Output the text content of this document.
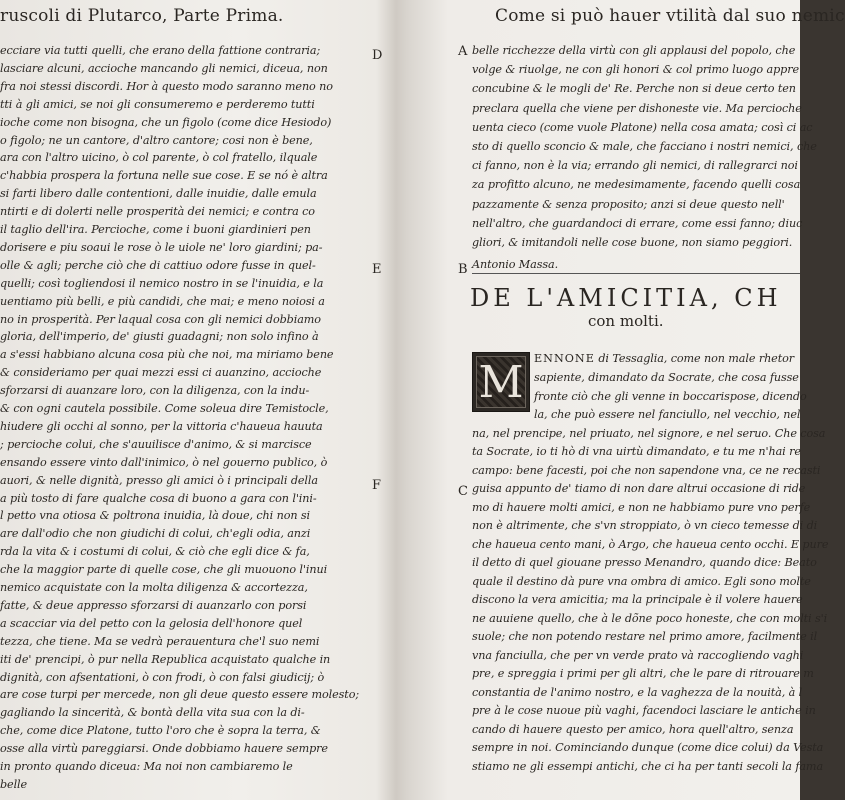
ruscoli di Plutarco, Parte Prima.
ecciare via tutti quelli, che erano della fattione contraria;
lasciare alcuni, accioche mancando gli nemici, diceua, non
fra noi stessi discordi. Hor à questo modo saranno meno no
tti à gli amici, se noi gli consumeremo e perderemo tutti
ioche come non bisogna, che un figolo (come dice Hesiodo)
o figolo; ne un cantore, d'altro cantore; cosi non è bene,
ara con l'altro uicino, ò col parente, ò col fratello, ilquale
c'habbia prospera la fortuna nelle sue cose. E se nó è altra
si farti libero dalle contentioni, dalle inuidie, dalle emula
ntirti e di dolerti nelle prosperità dei nemici; e contra co
il taglio dell'ira. Percioche, come i buoni giardinieri pen
dorisere e piu soaui le rose ò le uiole ne' loro giardini; pa-
olle & agli; perche ciò che di cattiuo odore fusse in quel-
quelli; così togliendosi il nemico nostro in se l'inuidia, e la
uentiamo più belli, e più candidi, che mai; e meno noiosi a
no in prosperità. Per laqual cosa con gli nemici dobbiamo
gloria, dell'imperio, de' giusti guadagni; non solo infino à
a s'essi habbiano alcuna cosa più che noi, ma miriamo bene
& consideriamo per quai mezzi essi ci auanzino, accioche
sforzarsi di auanzare loro, con la diligenza, con la indu-
& con ogni cautela possibile. Come soleua dire Temistocle,
hiudere gli occhi al sonno, per la vittoria c'haueua hauuta
; percioche colui, che s'auuilisce d'animo, & si marcisce
ensando essere vinto dall'inimico, ò nel gouerno publico, ò
auori, & nelle dignità, presso gli amici ò i principali della
a più tosto di fare qualche cosa di buono a gara con l'ini-
l petto vna otiosa & poltrona inuidia, là doue, chi non si
are dall'odio che non giudichi di colui, ch'egli odia, anzi
rda la vita & i costumi di colui, & ciò che egli dice & fa,
che la maggior parte di quelle cose, che gli muouono l'inui
nemico acquistate con la molta diligenza & accortezza,
fatte, & deue appresso sforzarsi di auanzarlo con porsi
a scacciar via del petto con la gelosia dell'honore quel
tezza, che tiene. Ma se vedrà perauentura che'l suo nemi
iti de' prencipi, ò pur nella Republica acquistato qualche in
dignità, con afsentationi, ò con frodi, ò con falsi giudicij; ò
are cose turpi per mercede, non gli deue questo essere molesto;
gagliando la sincerità, & bontà della vita sua con la di-
che, come dice Platone, tutto l'oro che è sopra la terra, &
osse alla virtù pareggiarsi. Onde dobbiamo hauere sempre
in pronto quando diceua: Ma noi non cambiaremo le
belle
D
E
F
Come si può hauer vtilità dal suo nemic
A belle ricchezze della virtù con gli applausi del popolo, che
volge & riuolge, ne con gli honori & col primo luogo appre
concubine & le mogli de' Re. Perche non si deue certo ten
preclara quella che viene per dishoneste vie. Ma percioche
uenta cieco (come vuole Platone) nella cosa amata; così ci ac
sto di quello sconcio & male, che facciano i nostri nemici, che
ci fanno, non è la via; errando gli nemici, di rallegrarci noi
za profitto alcuno, ne medesimamente, facendo quelli cosa
pazzamente & senza proposito; anzi si deue questo nell'
nell'altro, che guardandoci di errare, come essi fanno; diuc
gliori, & imitandoli nelle cose buone, non siamo peggiori.
Antonio Massa.
B
DE L'AMICITIA, CH
con molti.
M ENNONE di Tessaglia, come non male rhetor
C
sapiente, dimandato da Socrate, che cosa fusse
fronte ciò che gli venne in boccarispose, dicendo
la, che può essere nel fanciullo, nel vecchio, nel
na, nel prencipe, nel priuato, nel signore, e nel seruo. Che cosa
ta Socrate, io ti hò di vna uirtù dimandato, e tu me n'hai re
campo: bene facesti, poi che non sapendone vna, ce ne recasti
guisa appunto de' tiamo di non dare altrui occasione di ride
mo di hauere molti amici, e non ne habbiamo pure vno perfe
non è altrimente, che s'vn stroppiato, ò vn cieco temesse di di
che haueua cento mani, ò Argo, che haueua cento occhi. E pure
il detto di quel giouane presso Menandro, quando dice: Beato
quale il destino dà pure vna ombra di amico. Egli sono molte
discono la vera amicitia; ma la principale è il volere hauere
ne auuiene quello, che à le dõne poco honeste, che con molti s'i
suole; che non potendo restare nel primo amore, facilmente il
vna fanciulla, che per vn verde prato và raccogliendo vaghi
pre, e spreggia i primi per gli altri, che le pare di ritrouare m
constantia de l'animo nostro, e la vaghezza de la nouità, à l
pre à le cose nuoue più vaghi, facendoci lasciare le antiche in
cando di hauere questo per amico, hora quell'altro, senza
sempre in noi. Cominciando dunque (come dice colui) da Vesta
stiamo ne gli essempi antichi, che ci ha per tanti secoli la fama
